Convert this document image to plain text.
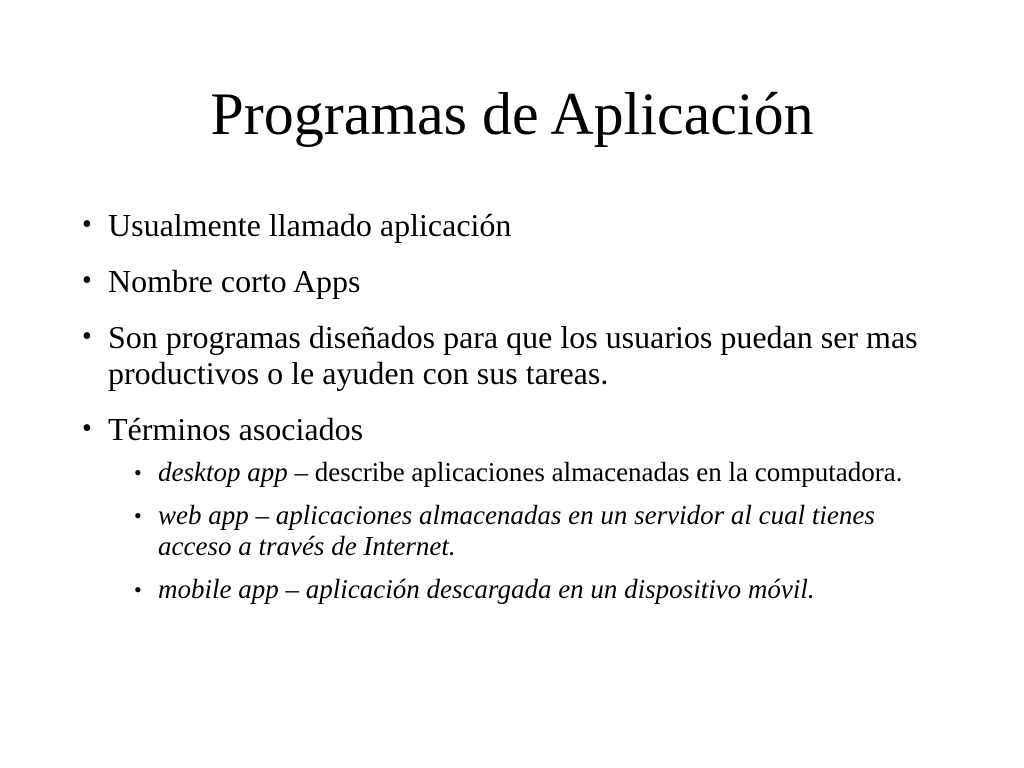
Programas de Aplicación
• Usualmente llamado aplicación
• Nombre corto Apps
• Son programas diseñados para que los usuarios puedan ser mas productivos o le ayuden con sus tareas.
• Términos asociados
• desktop app – describe aplicaciones almacenadas en la computadora.
• web app – aplicaciones almacenadas en un servidor al cual tienes acceso a través de Internet.
• mobile app – aplicación descargada en un dispositivo móvil.
